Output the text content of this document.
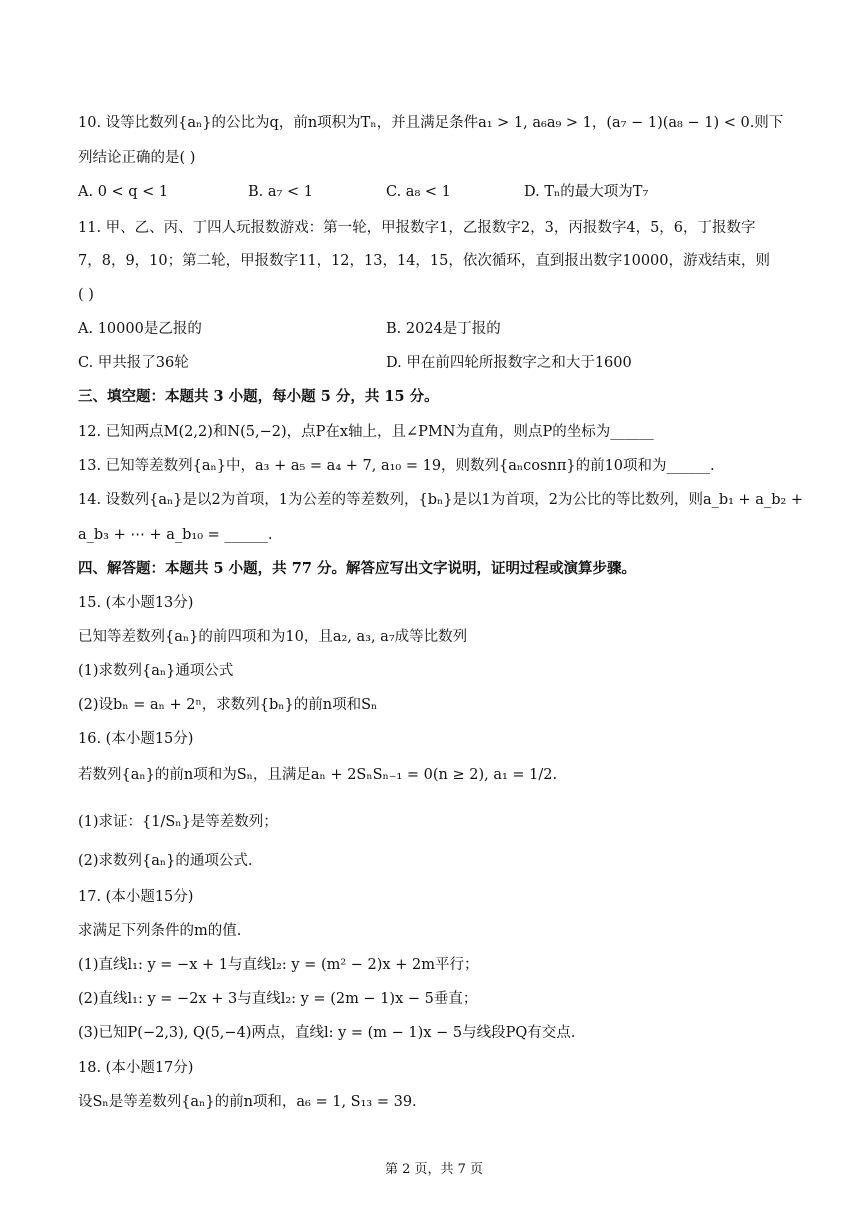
10. 设等比数列{aₙ}的公比为q，前n项积为Tₙ，并且满足条件a₁ > 1, a₆a₉ > 1，(a₇ − 1)(a₈ − 1) < 0.则下
列结论正确的是( )
A. 0 < q < 1	B. a₇ < 1	C. a₈ < 1	D. Tₙ的最大项为T₇
11. 甲、乙、丙、丁四人玩报数游戏：第一轮，甲报数字1，乙报数字2，3，丙报数字4，5，6，丁报数字
7，8，9，10；第二轮，甲报数字11，12，13，14，15，依次循环，直到报出数字10000，游戏结束，则
( )
A. 10000是乙报的	B. 2024是丁报的
C. 甲共报了36轮	D. 甲在前四轮所报数字之和大于1600
三、填空题：本题共 3 小题，每小题 5 分，共 15 分。
12. 已知两点M(2,2)和N(5,−2)，点P在x轴上，且∠PMN为直角，则点P的坐标为______
13. 已知等差数列{aₙ}中，a₃ + a₅ = a₄ + 7, a₁₀ = 19，则数列{aₙcosnπ}的前10项和为______.
14. 设数列{aₙ}是以2为首项，1为公差的等差数列，{bₙ}是以1为首项，2为公比的等比数列，则a_b₁ + a_b₂ +
a_b₃ + ⋯ + a_b₁₀ = ______.
四、解答题：本题共 5 小题，共 77 分。解答应写出文字说明，证明过程或演算步骤。
15. (本小题13分)
已知等差数列{aₙ}的前四项和为10，且a₂, a₃, a₇成等比数列
(1)求数列{aₙ}通项公式
(2)设bₙ = aₙ + 2ⁿ，求数列{bₙ}的前n项和Sₙ
16. (本小题15分)
若数列{aₙ}的前n项和为Sₙ，且满足aₙ + 2SₙSₙ₋₁ = 0(n ≥ 2), a₁ = 1/2.
(1)求证：{1/Sₙ}是等差数列；
(2)求数列{aₙ}的通项公式.
17. (本小题15分)
求满足下列条件的m的值.
(1)直线l₁: y = −x + 1与直线l₂: y = (m² − 2)x + 2m平行；
(2)直线l₁: y = −2x + 3与直线l₂: y = (2m − 1)x − 5垂直；
(3)已知P(−2,3), Q(5,−4)两点，直线l: y = (m − 1)x − 5与线段PQ有交点.
18. (本小题17分)
设Sₙ是等差数列{aₙ}的前n项和，a₆ = 1, S₁₃ = 39.
第 2 页，共 7 页
